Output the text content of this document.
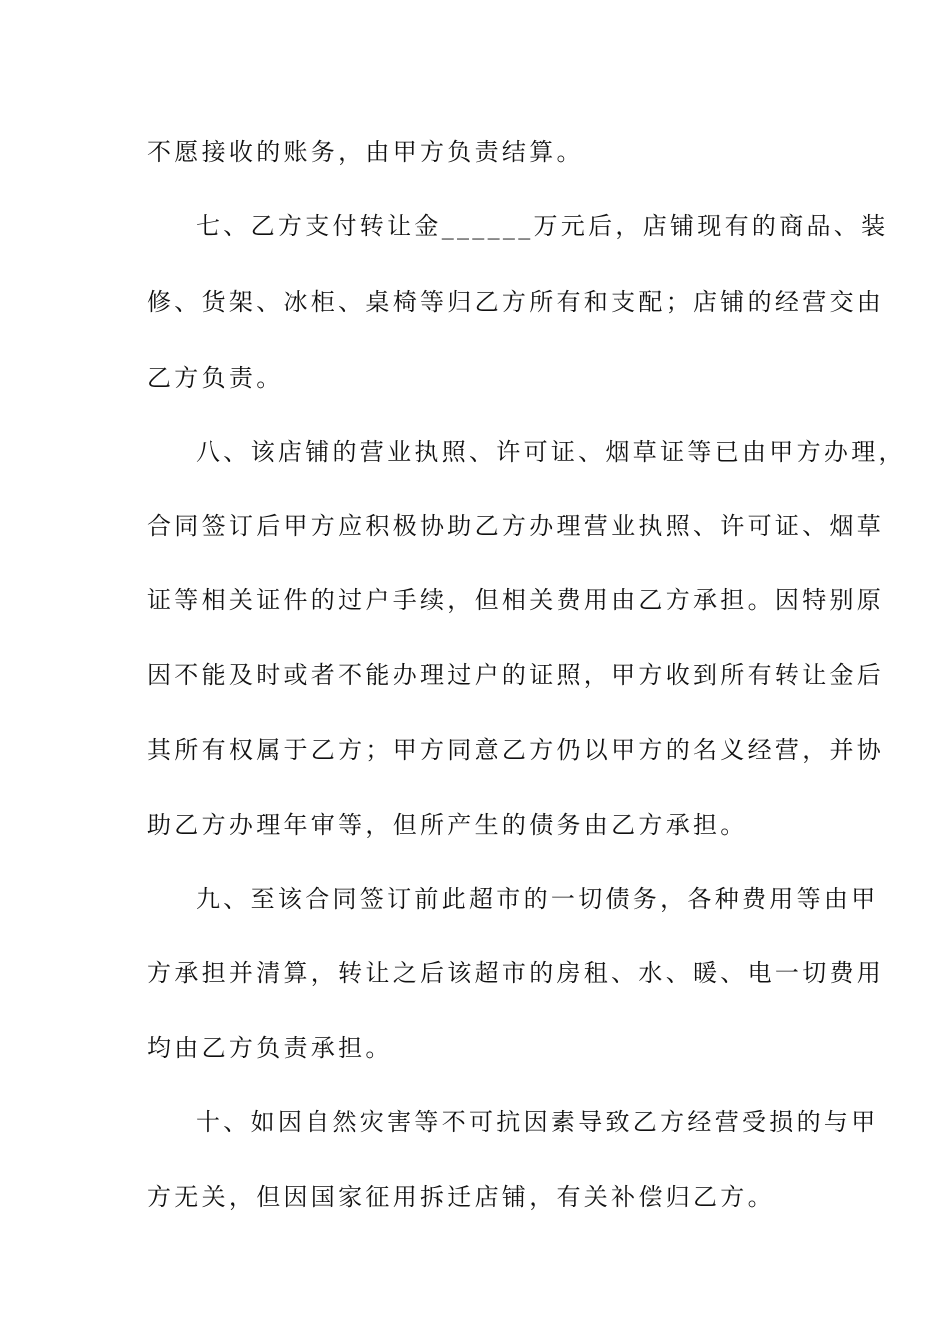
不愿接收的账务，由甲方负责结算。
七、乙方支付转让金______万元后，店铺现有的商品、装
修、货架、冰柜、桌椅等归乙方所有和支配；店铺的经营交由
乙方负责。
八、该店铺的营业执照、许可证、烟草证等已由甲方办理，
合同签订后甲方应积极协助乙方办理营业执照、许可证、烟草
证等相关证件的过户手续，但相关费用由乙方承担。因特别原
因不能及时或者不能办理过户的证照，甲方收到所有转让金后
其所有权属于乙方；甲方同意乙方仍以甲方的名义经营，并协
助乙方办理年审等，但所产生的债务由乙方承担。
九、至该合同签订前此超市的一切债务，各种费用等由甲
方承担并清算，转让之后该超市的房租、水、暖、电一切费用
均由乙方负责承担。
十、如因自然灾害等不可抗因素导致乙方经营受损的与甲
方无关，但因国家征用拆迁店铺，有关补偿归乙方。
